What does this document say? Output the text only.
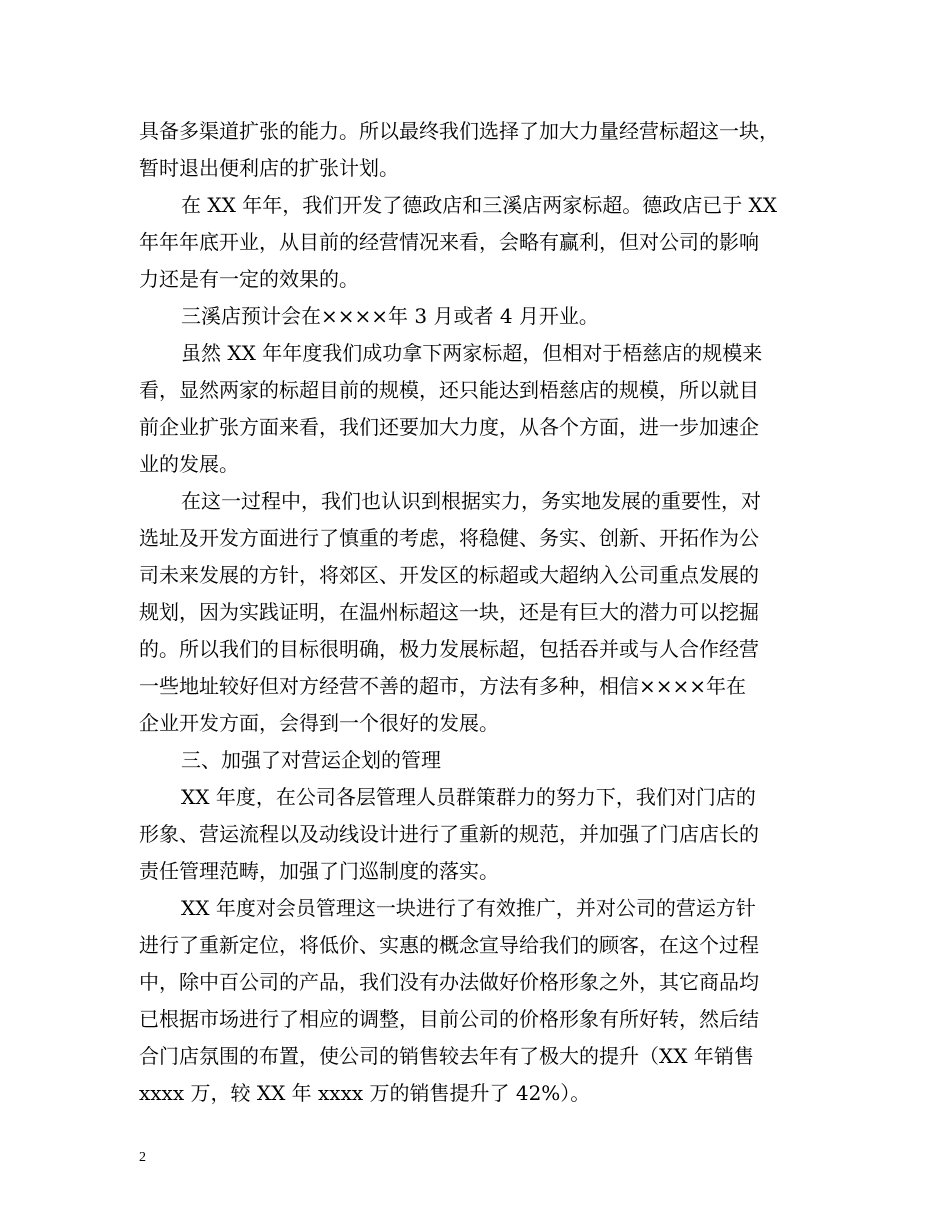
具备多渠道扩张的能力。所以最终我们选择了加大力量经营标超这一块，
暂时退出便利店的扩张计划。
在 XX 年年，我们开发了德政店和三溪店两家标超。德政店已于 XX
年年年底开业，从目前的经营情况来看，会略有赢利，但对公司的影响
力还是有一定的效果的。
三溪店预计会在××××年 3 月或者 4 月开业。
虽然 XX 年年度我们成功拿下两家标超，但相对于梧慈店的规模来
看，显然两家的标超目前的规模，还只能达到梧慈店的规模，所以就目
前企业扩张方面来看，我们还要加大力度，从各个方面，进一步加速企
业的发展。
在这一过程中，我们也认识到根据实力，务实地发展的重要性，对
选址及开发方面进行了慎重的考虑，将稳健、务实、创新、开拓作为公
司未来发展的方针，将郊区、开发区的标超或大超纳入公司重点发展的
规划，因为实践证明，在温州标超这一块，还是有巨大的潜力可以挖掘
的。所以我们的目标很明确，极力发展标超，包括吞并或与人合作经营
一些地址较好但对方经营不善的超市，方法有多种，相信××××年在
企业开发方面，会得到一个很好的发展。
三、加强了对营运企划的管理
XX 年度，在公司各层管理人员群策群力的努力下，我们对门店的
形象、营运流程以及动线设计进行了重新的规范，并加强了门店店长的
责任管理范畴，加强了门巡制度的落实。
XX 年度对会员管理这一块进行了有效推广，并对公司的营运方针
进行了重新定位，将低价、实惠的概念宣导给我们的顾客，在这个过程
中，除中百公司的产品，我们没有办法做好价格形象之外，其它商品均
已根据市场进行了相应的调整，目前公司的价格形象有所好转，然后结
合门店氛围的布置，使公司的销售较去年有了极大的提升（XX 年销售
xxxx 万，较 XX 年 xxxx 万的销售提升了 42%）。
2
